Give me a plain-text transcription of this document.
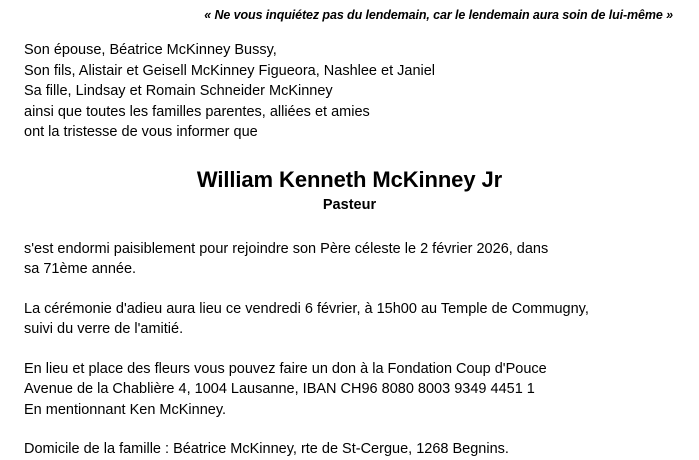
« Ne vous inquiétez pas du lendemain, car le lendemain aura soin de lui-même »
Son épouse, Béatrice McKinney Bussy,
Son fils, Alistair et Geisell McKinney Figueora, Nashlee et Janiel
Sa fille, Lindsay et Romain Schneider McKinney
ainsi que toutes les familles parentes, alliées et amies
ont la tristesse de vous informer que
William Kenneth McKinney Jr
Pasteur
s'est endormi paisiblement pour rejoindre son Père céleste le 2 février 2026, dans
sa 71ème année.
La cérémonie d'adieu aura lieu ce vendredi 6 février, à 15h00 au Temple de Commugny,
suivi du verre de l'amitié.
En lieu et place des fleurs vous pouvez faire un don à la Fondation Coup d'Pouce
Avenue de la Chablière 4, 1004 Lausanne, IBAN CH96 8080 8003 9349 4451 1
En mentionnant Ken McKinney.
Domicile de la famille : Béatrice McKinney, rte de St-Cergue, 1268 Begnins.
